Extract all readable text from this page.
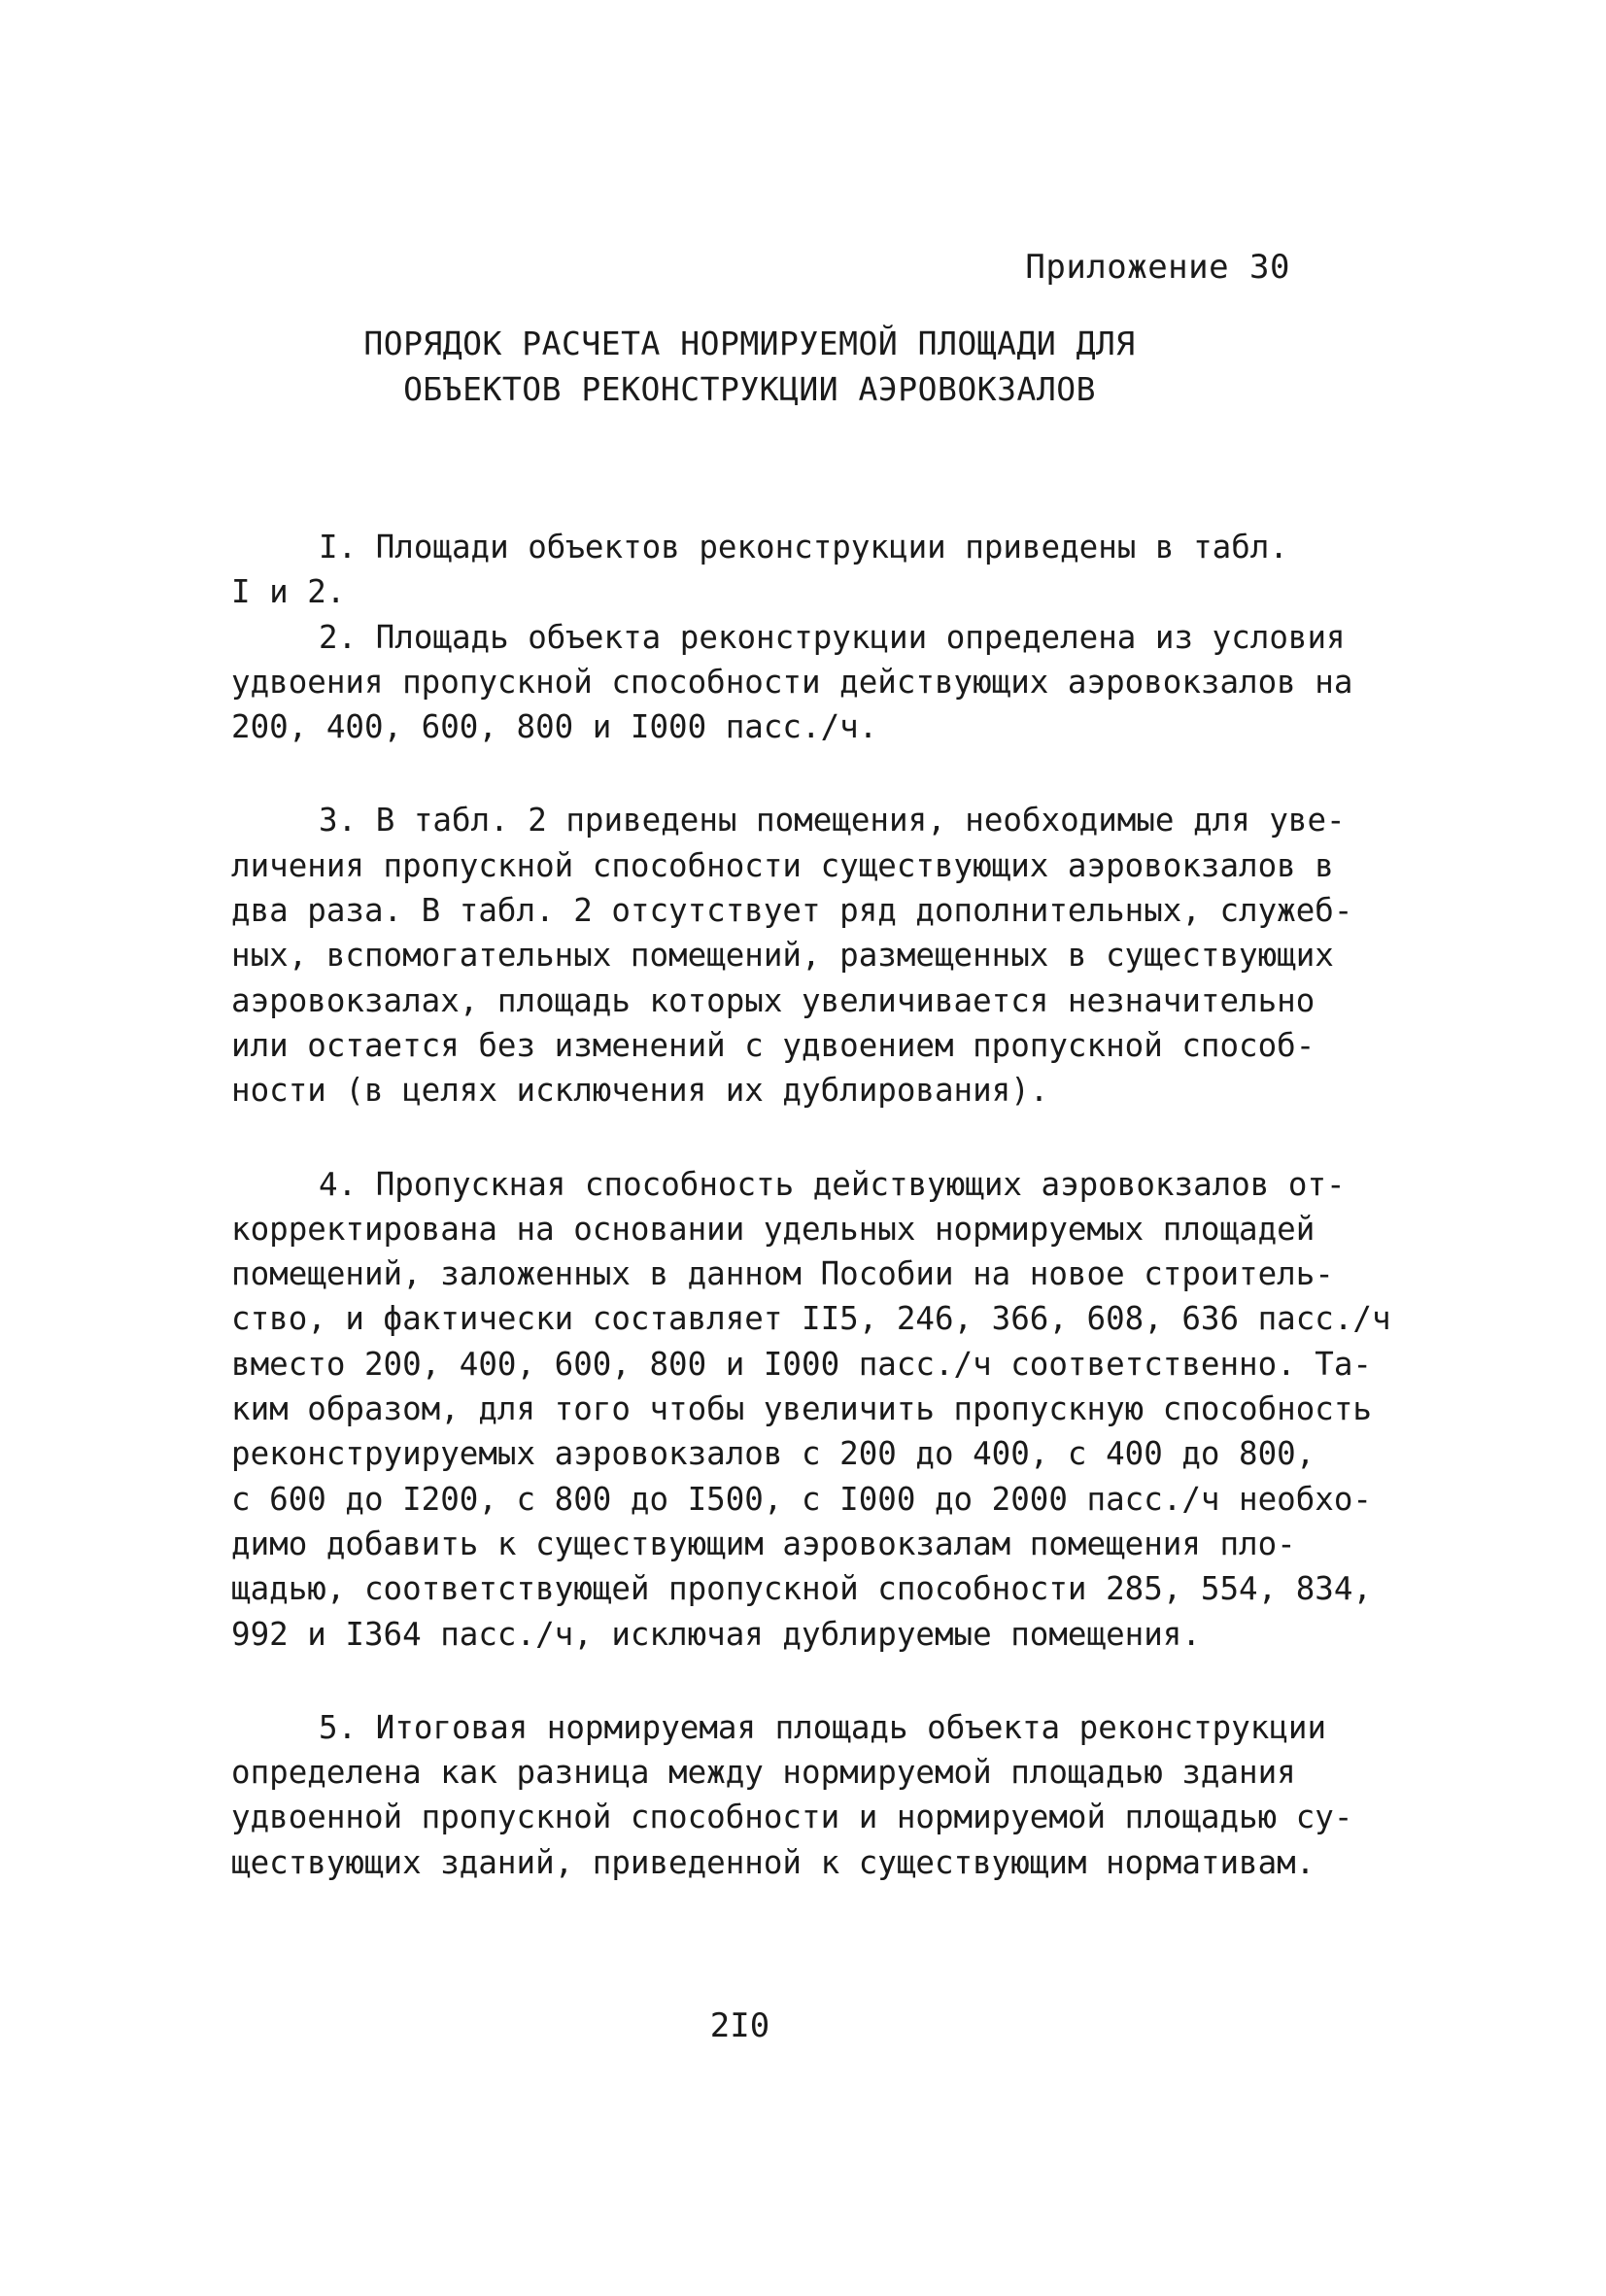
Приложение 30
ПОРЯДОК РАСЧЕТА НОРМИРУЕМОЙ ПЛОЩАДИ ДЛЯ
ОБЪЕКТОВ РЕКОНСТРУКЦИИ АЭРОВОКЗАЛОВ
I. Площади объектов реконструкции приведены в табл.
I и 2.
2. Площадь объекта реконструкции определена из условия
удвоения пропускной способности действующих аэровокзалов на
200, 400, 600, 800 и I000 пасс./ч.
3. В табл. 2 приведены помещения, необходимые для уве-
личения пропускной способности существующих аэровокзалов в
два раза. В табл. 2 отсутствует ряд дополнительных, служеб-
ных, вспомогательных помещений, размещенных в существующих
аэровокзалах, площадь которых увеличивается незначительно
или остается без изменений с удвоением пропускной способ-
ности (в целях исключения их дублирования).
4. Пропускная способность действующих аэровокзалов от-
корректирована на основании удельных нормируемых площадей
помещений, заложенных в данном Пособии на новое строитель-
ство, и фактически составляет II5, 246, 366, 608, 636 пасс./ч
вместо 200, 400, 600, 800 и I000 пасс./ч соответственно. Та-
ким образом, для того чтобы увеличить пропускную способность
реконструируемых аэровокзалов с 200 до 400, с 400 до 800,
с 600 до I200, с 800 до I500, с I000 до 2000 пасс./ч необхо-
димо добавить к существующим аэровокзалам помещения пло-
щадью, соответствующей пропускной способности 285, 554, 834,
992 и I364 пасс./ч, исключая дублируемые помещения.
5. Итоговая нормируемая площадь объекта реконструкции
определена как разница между нормируемой площадью здания
удвоенной пропускной способности и нормируемой площадью су-
ществующих зданий, приведенной к существующим нормативам.
2I0
